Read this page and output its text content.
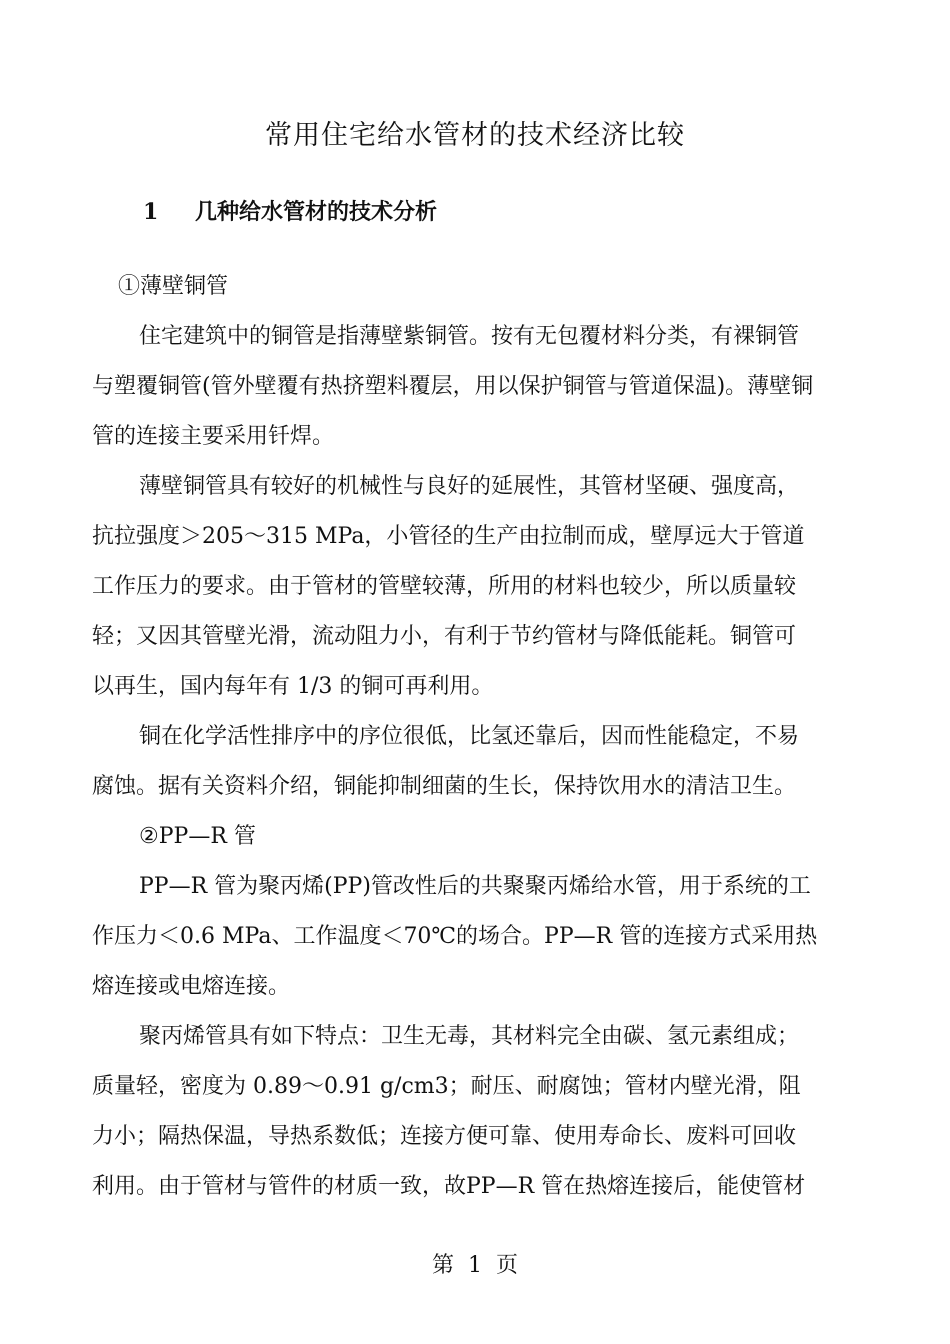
常用住宅给水管材的技术经济比较
1 几种给水管材的技术分析
①薄壁铜管

住宅建筑中的铜管是指薄壁紫铜管。按有无包覆材料分类，有裸铜管
与塑覆铜管(管外壁覆有热挤塑料覆层，用以保护铜管与管道保温)。薄壁铜
管的连接主要采用钎焊。

薄壁铜管具有较好的机械性与良好的延展性，其管材坚硬、强度高，
抗拉强度＞205～315 MPa，小管径的生产由拉制而成，壁厚远大于管道
工作压力的要求。由于管材的管壁较薄，所用的材料也较少，所以质量较
轻；又因其管壁光滑，流动阻力小，有利于节约管材与降低能耗。铜管可
以再生，国内每年有 1/3 的铜可再利用。

铜在化学活性排序中的序位很低，比氢还靠后，因而性能稳定，不易
腐蚀。据有关资料介绍，铜能抑制细菌的生长，保持饮用水的清洁卫生。

②PP—R 管

PP—R 管为聚丙烯(PP)管改性后的共聚聚丙烯给水管，用于系统的工
作压力＜0.6 MPa、工作温度＜70℃的场合。PP—R 管的连接方式采用热
熔连接或电熔连接。

聚丙烯管具有如下特点：卫生无毒，其材料完全由碳、氢元素组成；
质量轻，密度为 0.89～0.91 g/cm3；耐压、耐腐蚀；管材内壁光滑，阻
力小；隔热保温，导热系数低；连接方便可靠、使用寿命长、废料可回收
利用。由于管材与管件的材质一致，故PP—R 管在热熔连接后，能使管材

第  1  页
